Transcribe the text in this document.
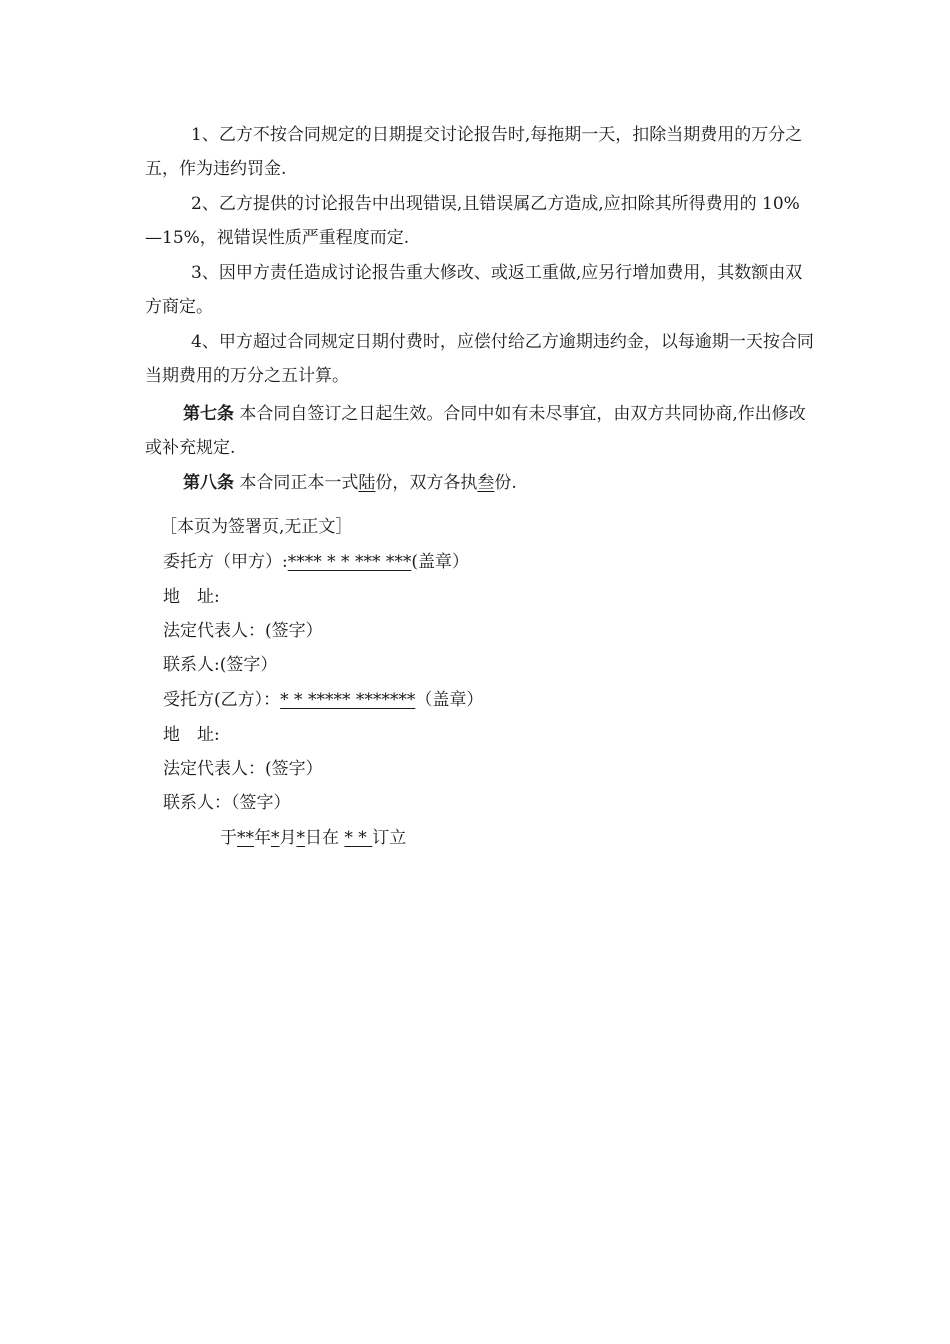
1、乙方不按合同规定的日期提交讨论报告时,每拖期一天，扣除当期费用的万分之五，作为违约罚金.
2、乙方提供的讨论报告中出现错误,且错误属乙方造成,应扣除其所得费用的 10%—15%，视错误性质严重程度而定.
3、因甲方责任造成讨论报告重大修改、或返工重做,应另行增加费用，其数额由双方商定。
4、甲方超过合同规定日期付费时，应偿付给乙方逾期违约金，以每逾期一天按合同当期费用的万分之五计算。
第七条 本合同自签订之日起生效。合同中如有未尽事宜，由双方共同协商,作出修改或补充规定.
第八条 本合同正本一式陆份，双方各执叁份.
［本页为签署页,无正文］
委托方（甲方）:**** * * *** ***(盖章）
地　址:
法定代表人：(签字）
联系人:(签字）
受托方(乙方）：* * ***** *******（盖章）
地　址:
法定代表人：(签字）
联系人：（签字）
于**年*月*日在 * * 订立
